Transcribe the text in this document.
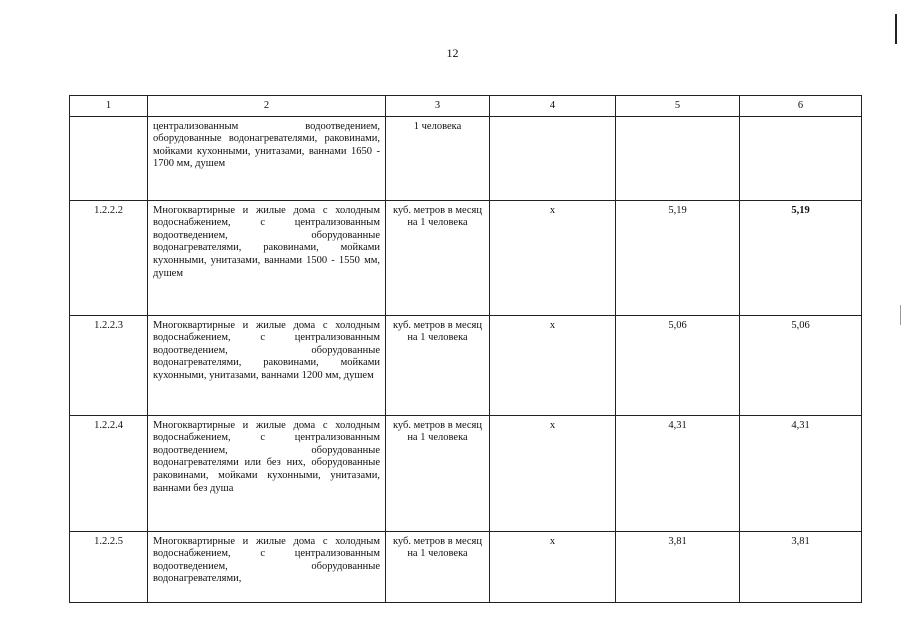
12
1	2	3	4	5	6
	централизованным водоотведением, оборудованные водонагревателями, раковинами, мойками кухонными, унитазами, ваннами 1650 - 1700 мм, душем	1 человека			
1.2.2.2	Многоквартирные и жилые дома с холодным водоснабжением, с централизованным водоотведением, оборудованные водонагревателями, раковинами, мойками кухонными, унитазами, ваннами 1500 - 1550 мм, душем	куб. метров в месяц на 1 человека	х	5,19	5,19
1.2.2.3	Многоквартирные и жилые дома с холодным водоснабжением, с централизованным водоотведением, оборудованные водонагревателями, раковинами, мойками кухонными, унитазами, ваннами 1200 мм, душем	куб. метров в месяц на 1 человека	х	5,06	5,06
1.2.2.4	Многоквартирные и жилые дома с холодным водоснабжением, с централизованным водоотведением, оборудованные водонагревателями или без них, оборудованные раковинами, мойками кухонными, унитазами, ваннами без душа	куб. метров в месяц на 1 человека	х	4,31	4,31
1.2.2.5	Многоквартирные и жилые дома с холодным водоснабжением, с централизованным водоотведением, оборудованные водонагревателями,	куб. метров в месяц на 1 человека	х	3,81	3,81
